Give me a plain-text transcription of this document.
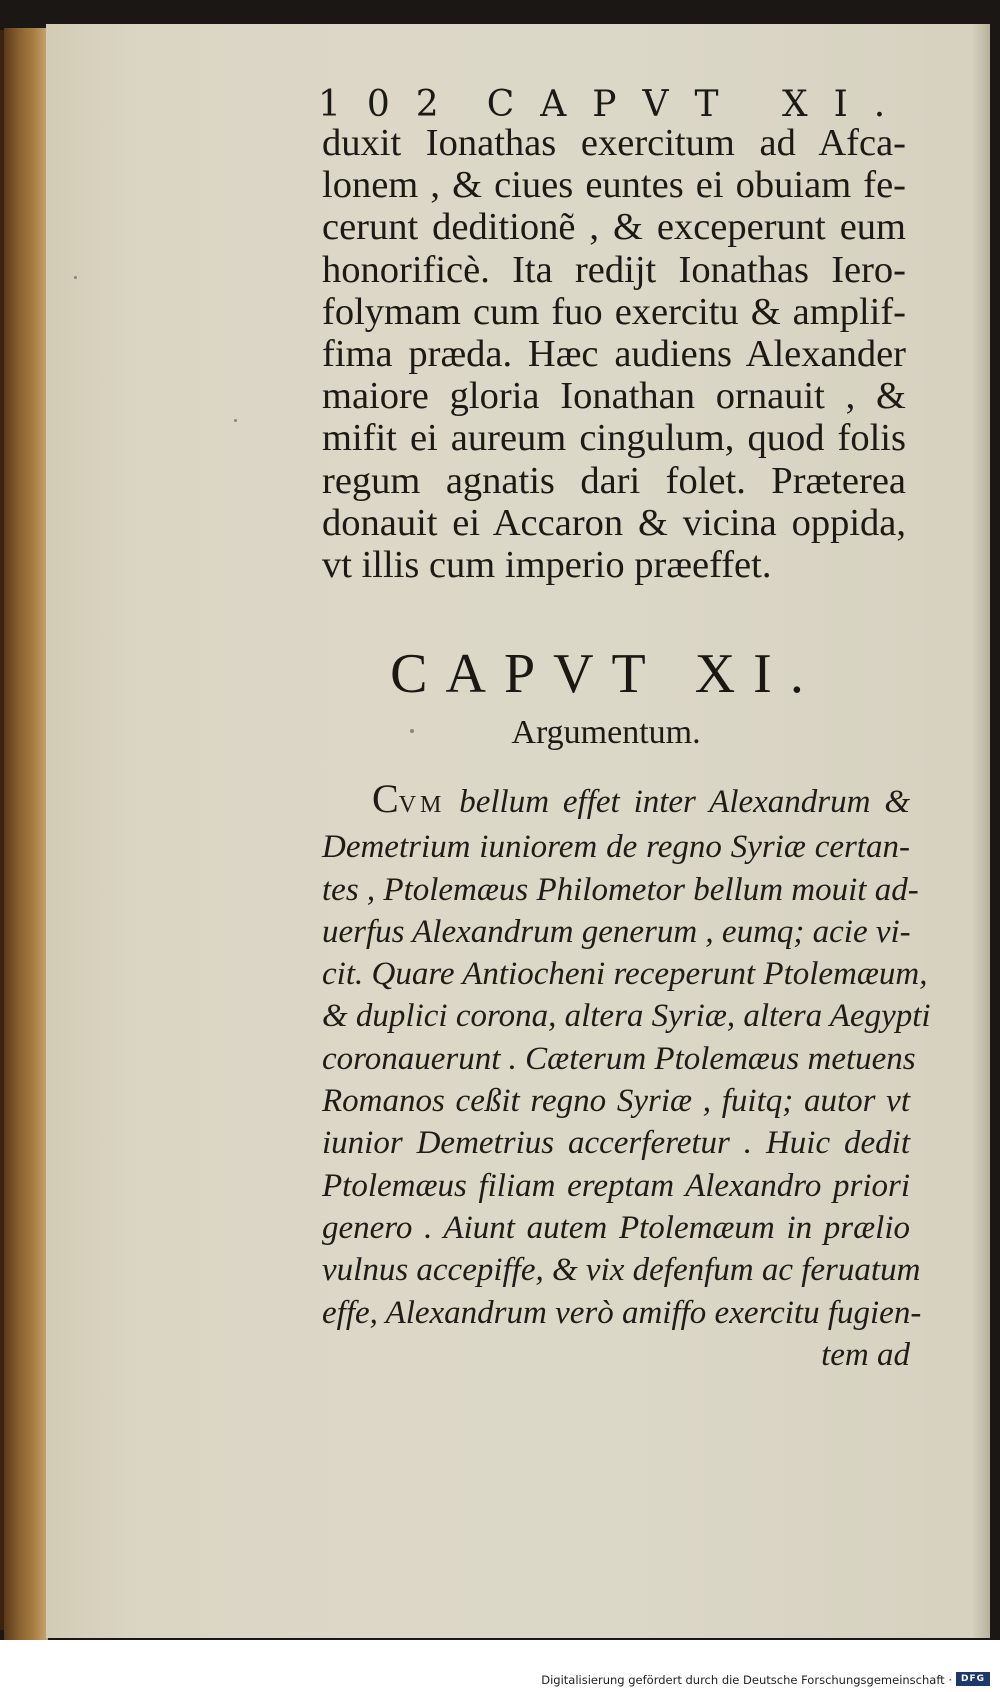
102 CAPVT XI.
duxit Ionathas exercitum ad Afca-
lonem , & ciues euntes ei obuiam fe-
cerunt deditionẽ , & exceperunt eum
honorificè. Ita redijt Ionathas Iero-
folymam cum fuo exercitu & amplif-
fima præda. Hæc audiens Alexander
maiore gloria Ionathan ornauit , &
mifit ei aureum cingulum, quod folis
regum agnatis dari folet. Præterea
donauit ei Accaron & vicina oppida,
vt illis cum imperio præeffet.
CAPVT XI.
Argumentum.
CVM bellum effet inter Alexandrum &
Demetrium iuniorem de regno Syriæ certan-
tes , Ptolemæus Philometor bellum mouit ad-
uerfus Alexandrum generum , eumq; acie vi-
cit. Quare Antiocheni receperunt Ptolemæum,
& duplici corona, altera Syriæ, altera Aegypti
coronauerunt . Cæterum Ptolemæus metuens
Romanos ceßit regno Syriæ , fuitq; autor vt
iunior Demetrius accerferetur . Huic dedit
Ptolemæus filiam ereptam Alexandro priori
genero . Aiunt autem Ptolemæum in prælio
vulnus accepiffe, & vix defenfum ac feruatum
effe, Alexandrum verò amiffo exercitu fugien-
tem ad
Digitalisierung gefördert durch die Deutsche Forschungsgemeinschaft · DFG
